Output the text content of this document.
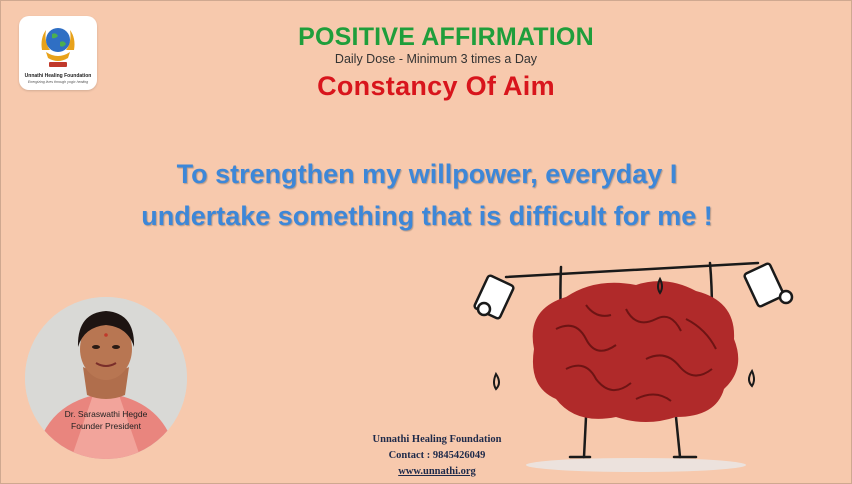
Unnathi Healing Foundation
Energizing lives through yogic healing
POSITIVE AFFIRMATION
Daily Dose - Minimum 3 times a Day
Constancy Of Aim
To strengthen my willpower, everyday I
undertake something that is difficult for me !
Dr. Saraswathi Hegde
Founder President
Unnathi Healing Foundation
Contact : 9845426049
www.unnathi.org
